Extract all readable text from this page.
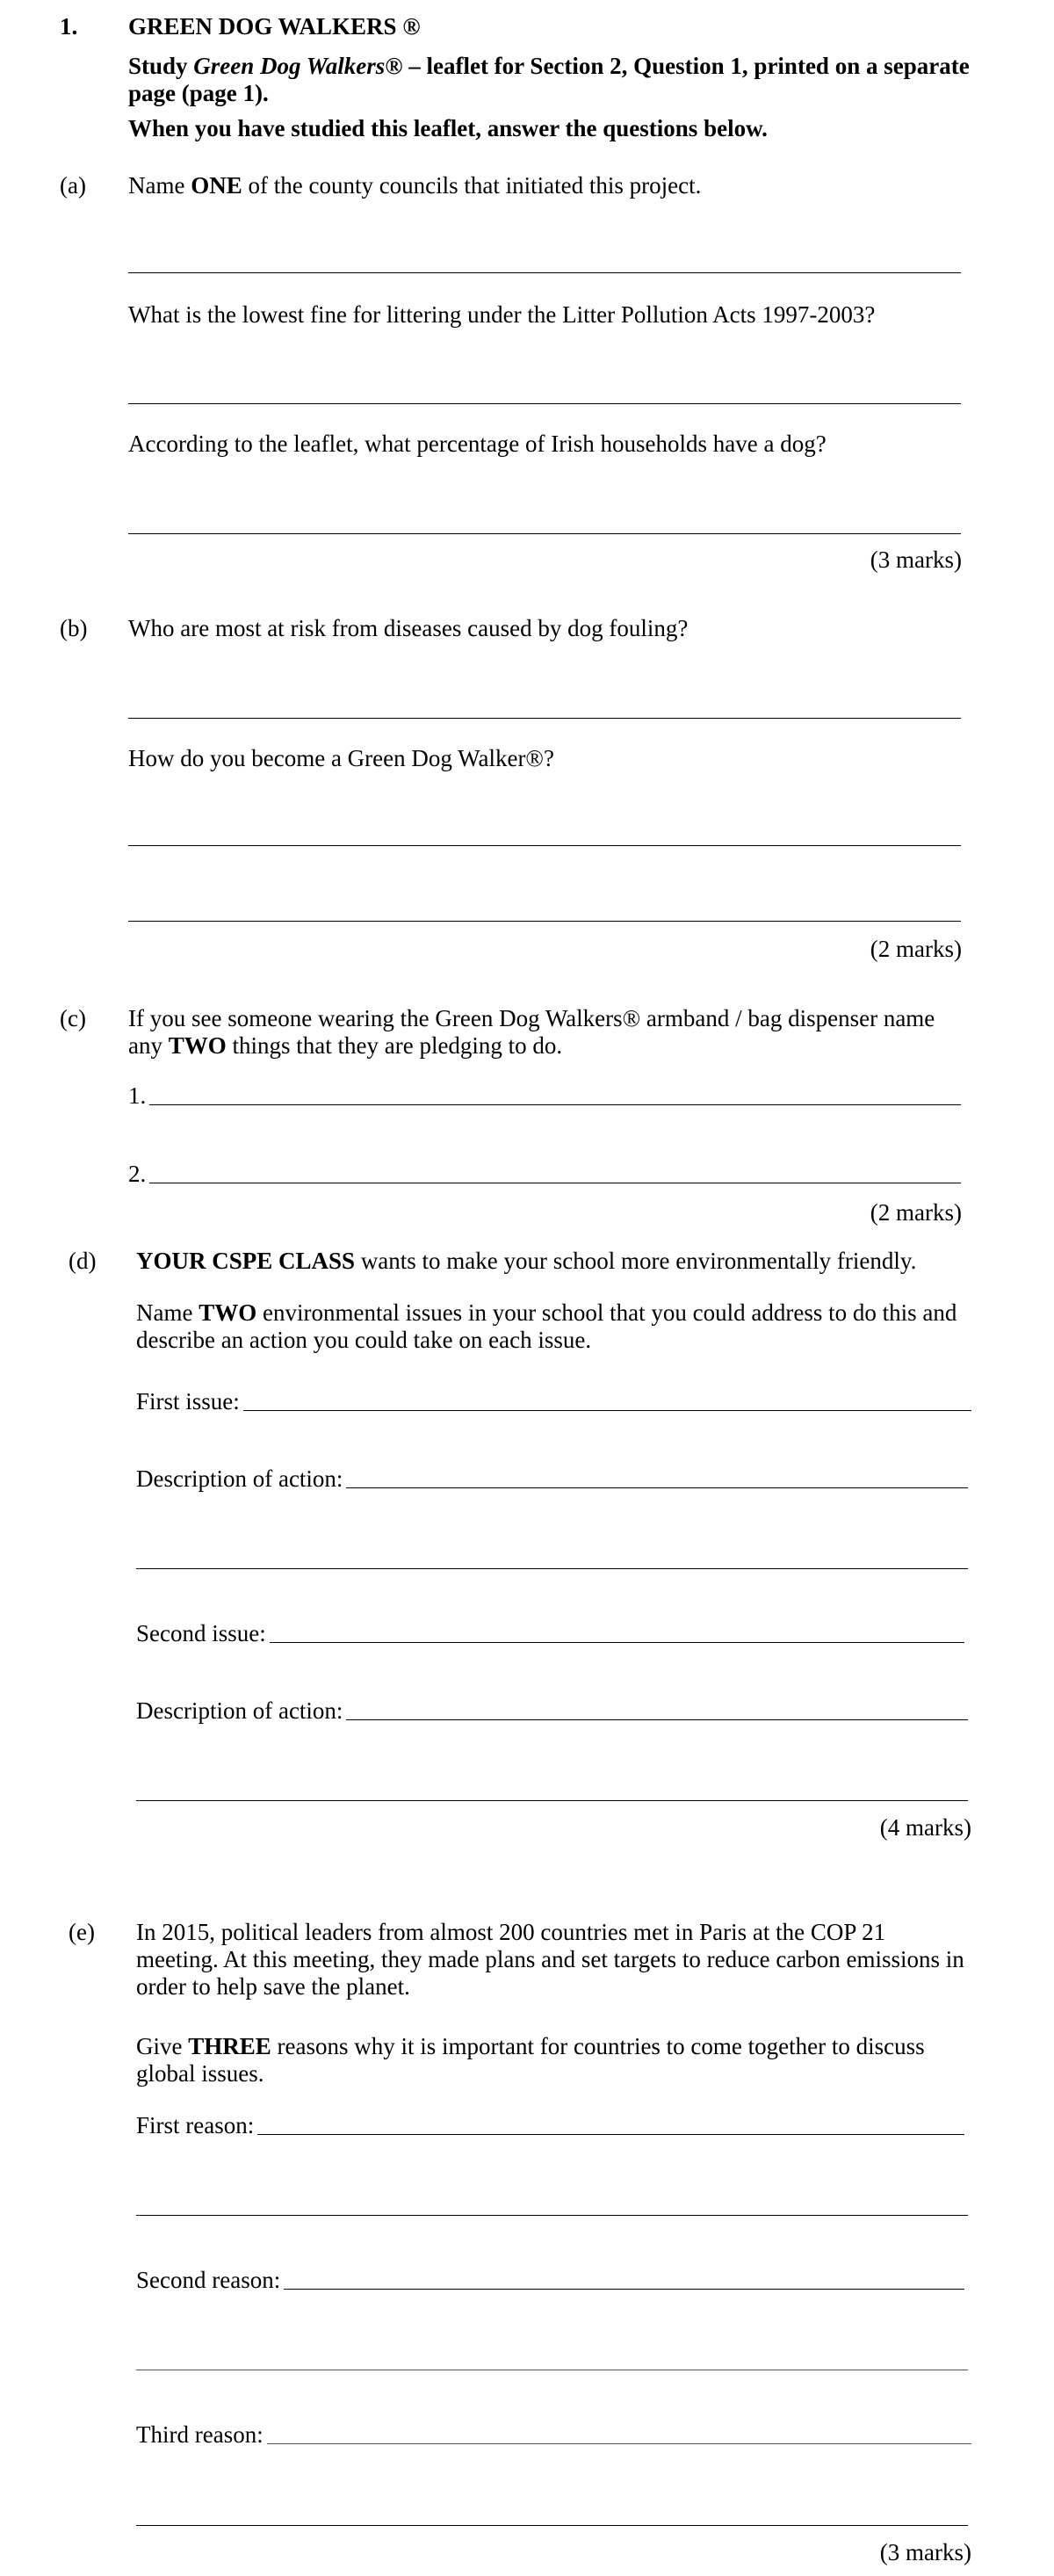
1. GREEN DOG WALKERS ®
Study Green Dog Walkers® – leaflet for Section 2, Question 1, printed on a separate page (page 1).
When you have studied this leaflet, answer the questions below.
(a) Name ONE of the county councils that initiated this project.
What is the lowest fine for littering under the Litter Pollution Acts 1997-2003?
According to the leaflet, what percentage of Irish households have a dog?
(3 marks)
(b) Who are most at risk from diseases caused by dog fouling?
How do you become a Green Dog Walker®?
(2 marks)
(c) If you see someone wearing the Green Dog Walkers® armband / bag dispenser name any TWO things that they are pledging to do.
1.
2.
(2 marks)
(d) YOUR CSPE CLASS wants to make your school more environmentally friendly.
Name TWO environmental issues in your school that you could address to do this and describe an action you could take on each issue.
First issue:
Description of action:
Second issue:
Description of action:
(4 marks)
(e) In 2015, political leaders from almost 200 countries met in Paris at the COP 21 meeting. At this meeting, they made plans and set targets to reduce carbon emissions in order to help save the planet.
Give THREE reasons why it is important for countries to come together to discuss global issues.
First reason:
Second reason:
Third reason:
(3 marks)
